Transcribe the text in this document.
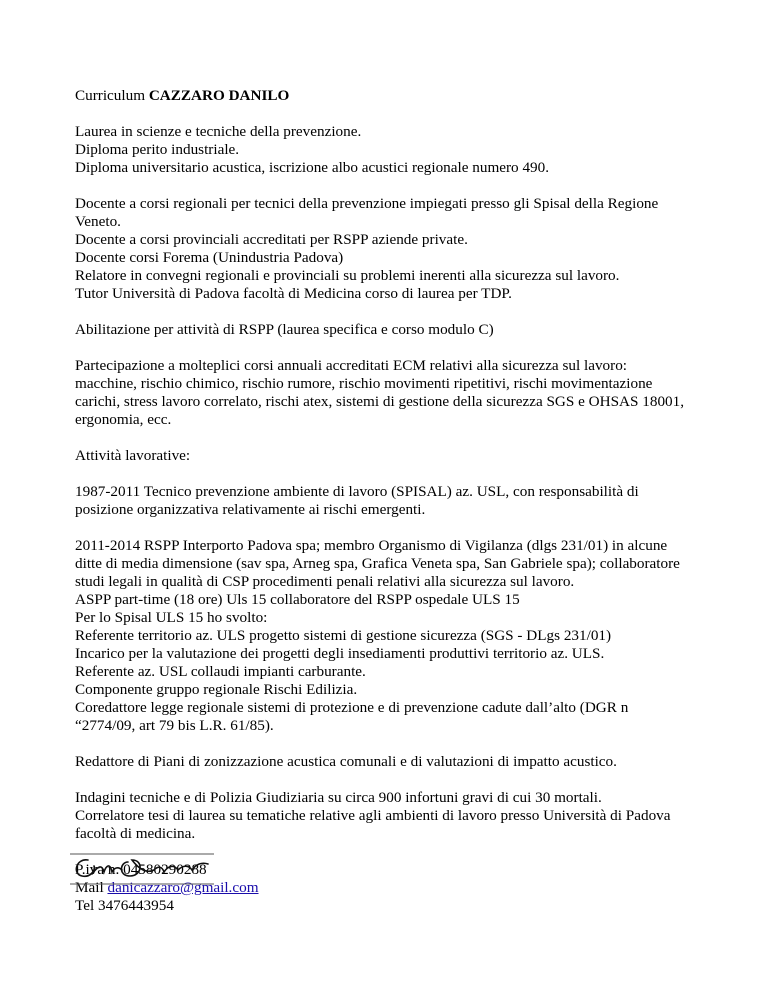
Curriculum CAZZARO DANILO
Laurea in scienze e tecniche della prevenzione.
Diploma perito industriale.
Diploma universitario acustica, iscrizione albo acustici regionale numero 490.
Docente a corsi regionali per tecnici della prevenzione impiegati presso gli Spisal della Regione
Veneto.
Docente a corsi provinciali accreditati per RSPP aziende private.
Docente corsi Forema (Unindustria Padova)
Relatore in convegni regionali e provinciali su problemi inerenti alla sicurezza sul lavoro.
Tutor Università di Padova facoltà di Medicina corso di laurea per TDP.
Abilitazione per attività di RSPP (laurea specifica e corso modulo C)
Partecipazione a molteplici corsi annuali accreditati ECM relativi alla sicurezza sul lavoro:
macchine, rischio chimico, rischio rumore, rischio movimenti ripetitivi, rischi movimentazione
carichi, stress lavoro correlato, rischi atex, sistemi di gestione della sicurezza SGS e OHSAS 18001,
ergonomia, ecc.
Attività lavorative:
1987-2011 Tecnico prevenzione ambiente di lavoro (SPISAL) az. USL, con responsabilità di
posizione organizzativa relativamente ai rischi emergenti.
2011-2014 RSPP Interporto Padova spa; membro Organismo di Vigilanza (dlgs 231/01) in alcune
ditte di media dimensione (sav spa, Arneg spa, Grafica Veneta spa, San Gabriele spa); collaboratore
studi legali in qualità di CSP procedimenti penali relativi alla sicurezza sul lavoro.
ASPP part-time (18 ore) Uls 15 collaboratore del RSPP ospedale ULS 15
Per lo Spisal ULS 15 ho svolto:
Referente territorio az. ULS progetto sistemi di gestione sicurezza (SGS - DLgs 231/01)
Incarico per la valutazione dei progetti degli insediamenti produttivi territorio az. ULS.
Referente az. USL collaudi impianti carburante.
Componente gruppo regionale Rischi Edilizia.
Coredattore legge regionale sistemi di protezione e di prevenzione cadute dall’alto (DGR n
“2774/09, art 79 bis L.R. 61/85).
Redattore di Piani di zonizzazione acustica comunali e di valutazioni di impatto acustico.
Indagini tecniche e di Polizia Giudiziaria su circa 900 infortuni gravi di cui 30 mortali.
Correlatore tesi di laurea su tematiche relative agli ambienti di lavoro presso Università di Padova
facoltà di medicina.
P.iva n. 04580290288
Mail danicazzaro@gmail.com
Tel 3476443954
